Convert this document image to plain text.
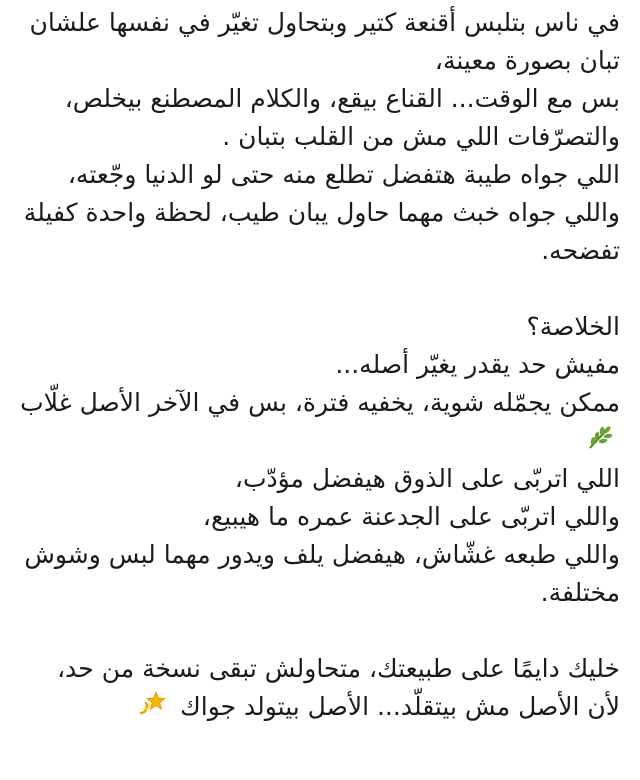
في ناس بتلبس أقنعة كتير وبتحاول تغيّر في نفسها علشان
تبان بصورة معينة،
بس مع الوقت... القناع بيقع، والكلام المصطنع بيخلص،
والتصرّفات اللي مش من القلب بتبان .
اللي جواه طيبة هتفضل تطلع منه حتى لو الدنيا وجّعته،
واللي جواه خبث مهما حاول يبان طيب، لحظة واحدة كفيلة
تفضحه.
الخلاصة؟
مفيش حد يقدر يغيّر أصله...
ممكن يجمّله شوية، يخفيه فترة، بس في الآخر الأصل غلّاب
اللي اتربّى على الذوق هيفضل مؤدّب،
واللي اتربّى على الجدعنة عمره ما هيبيع،
واللي طبعه غشّاش، هيفضل يلف ويدور مهما لبس وشوش
مختلفة.
خليك دايمًا على طبيعتك، متحاولش تبقى نسخة من حد،
لأن الأصل مش بيتقلّد... الأصل بيتولد جواك
